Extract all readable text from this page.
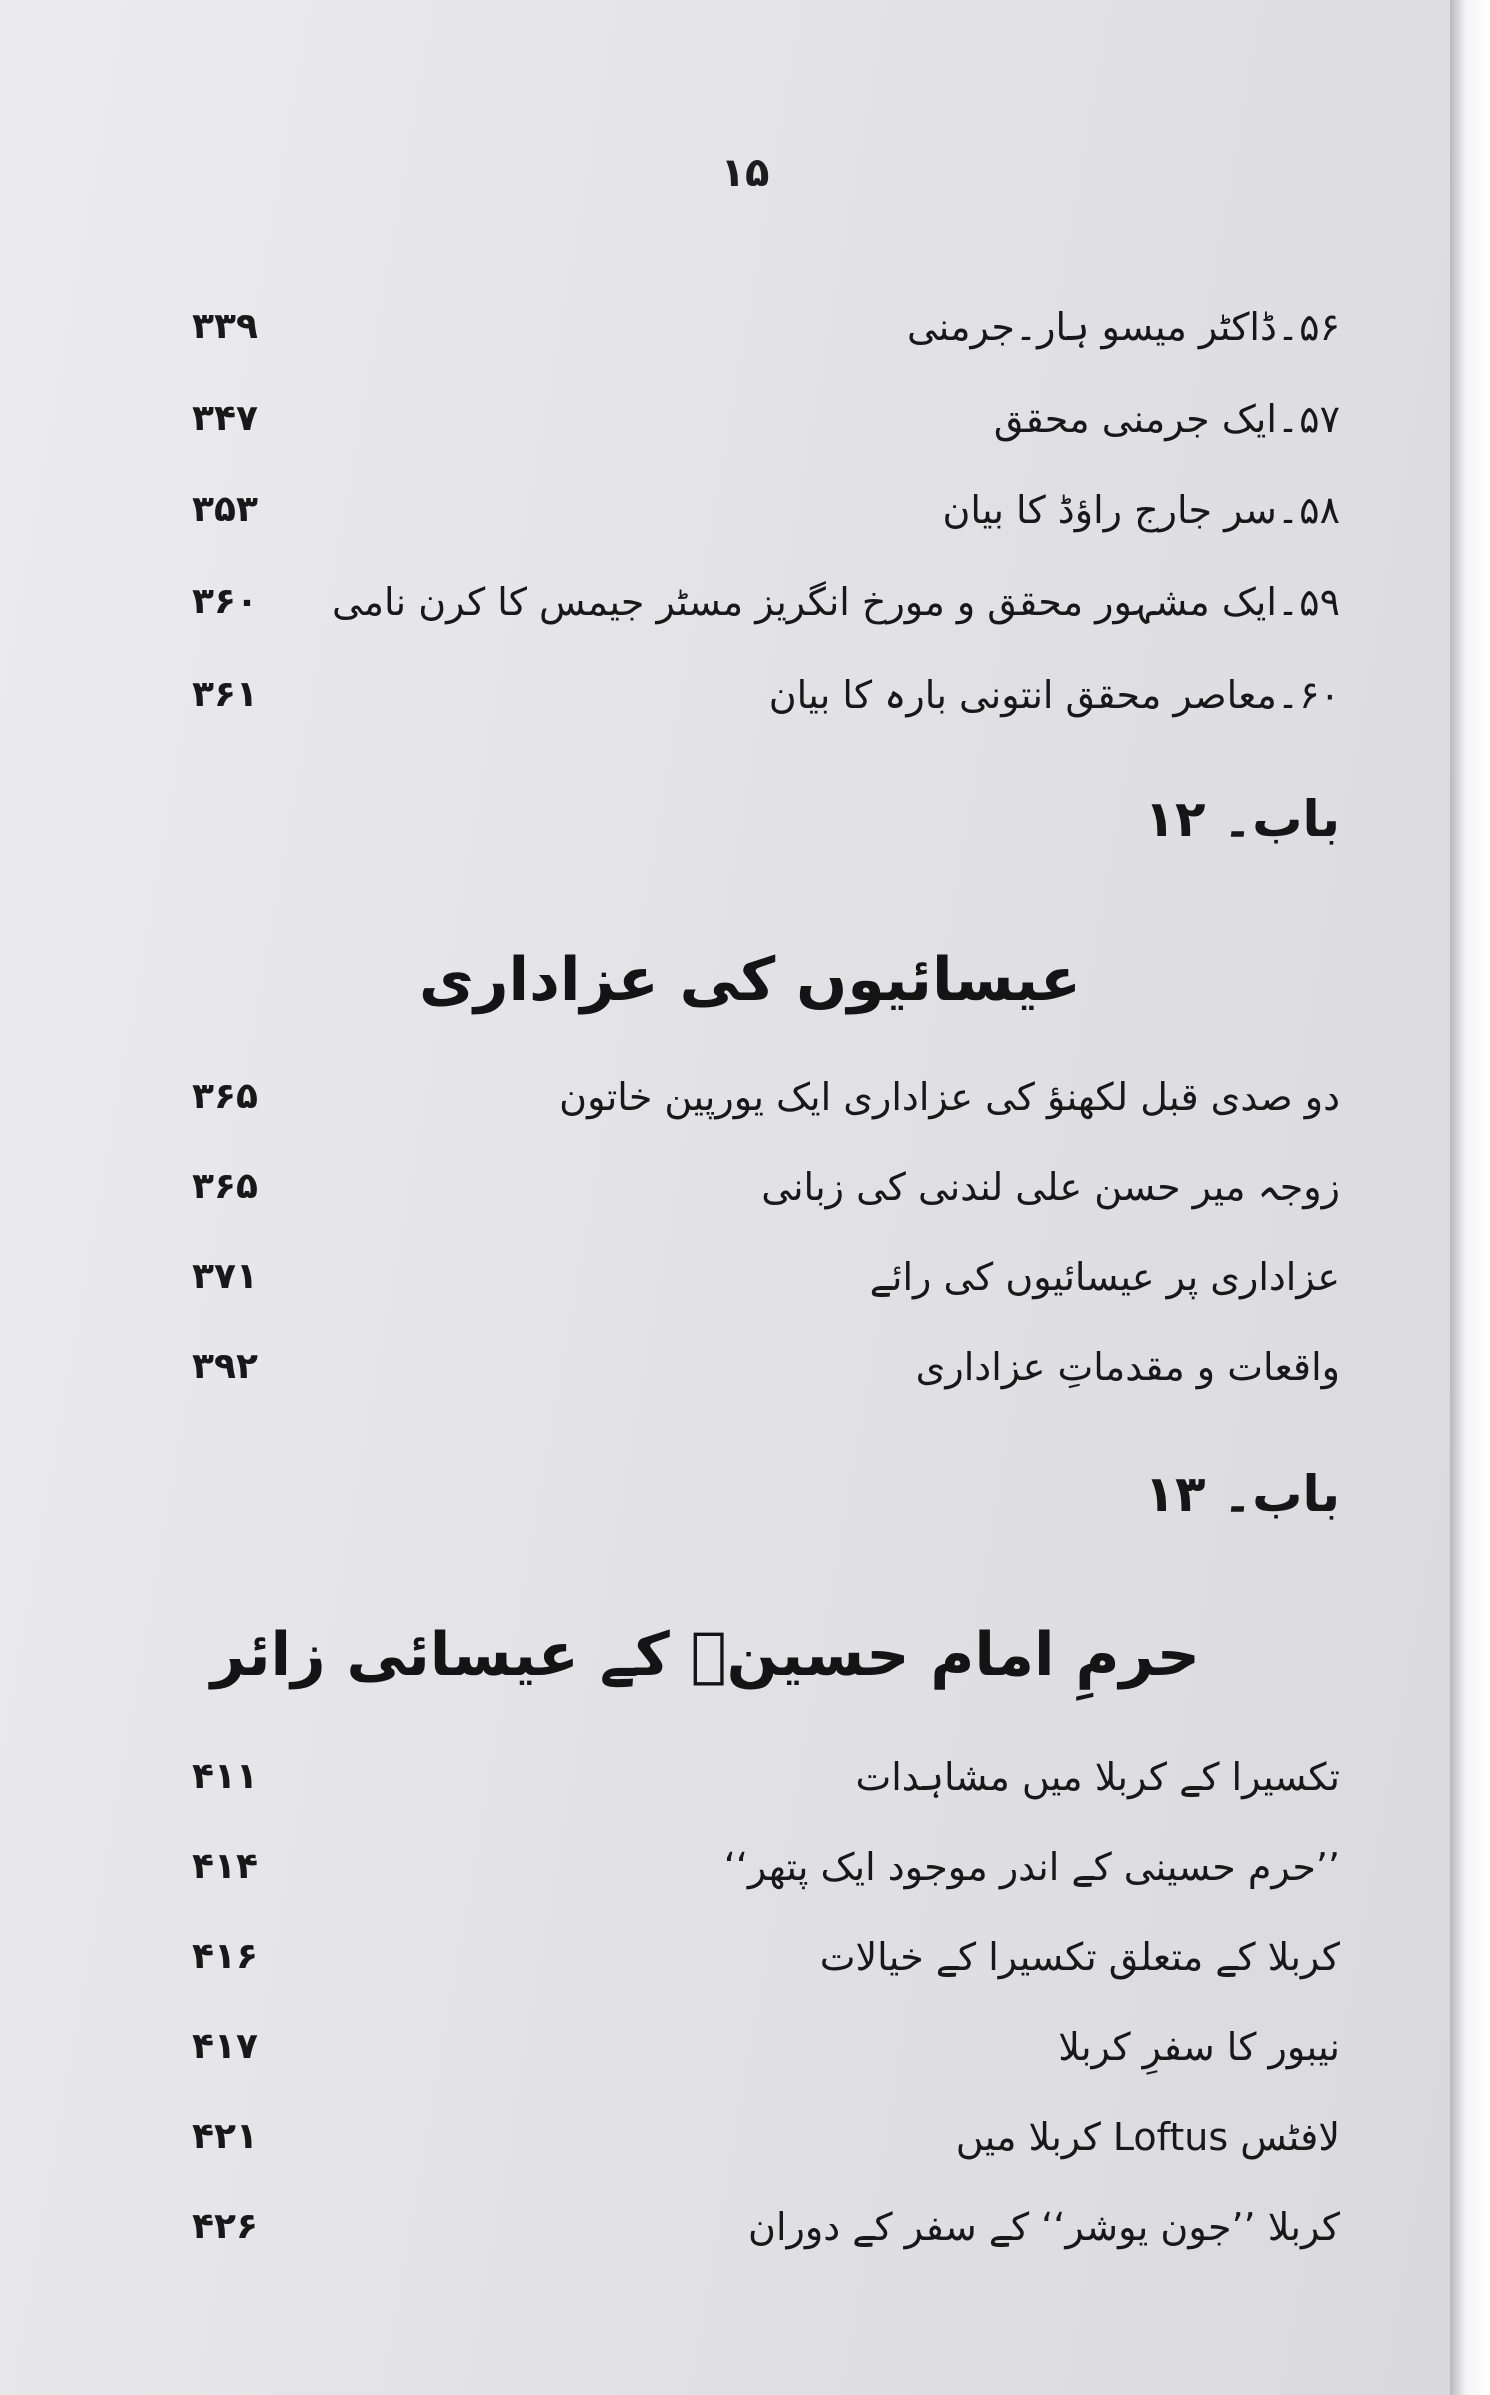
۱۵
۵۶۔ڈاکٹر میسو ہار۔جرمنی
۳۳۹
۵۷۔ایک جرمنی محقق
۳۴۷
۵۸۔سر جارج راؤڈ کا بیان
۳۵۳
۵۹۔ایک مشہور محقق و مورخ انگریز مسٹر جیمس کا کرن نامی
۳۶۰
۶۰۔معاصر محقق انتونی بارہ کا بیان
۳۶۱
باب۔ ۱۲
عیسائیوں کی عزاداری
دو صدی قبل لکھنؤ کی عزاداری ایک یورپین خاتون
۳۶۵
زوجہ میر حسن علی لندنی کی زبانی
۳۶۵
عزاداری پر عیسائیوں کی رائے
۳۷۱
واقعات و مقدماتِ عزاداری
۳۹۲
باب۔ ۱۳
حرمِ امام حسینؑ کے عیسائی زائر
تکسیرا کے کربلا میں مشاہدات
۴۱۱
’’حرم حسینی کے اندر موجود ایک پتھر‘‘
۴۱۴
کربلا کے متعلق تکسیرا کے خیالات
۴۱۶
نیبور کا سفرِ کربلا
۴۱۷
لافٹس Loftus کربلا میں
۴۲۱
کربلا ’’جون یوشر‘‘ کے سفر کے دوران
۴۲۶
